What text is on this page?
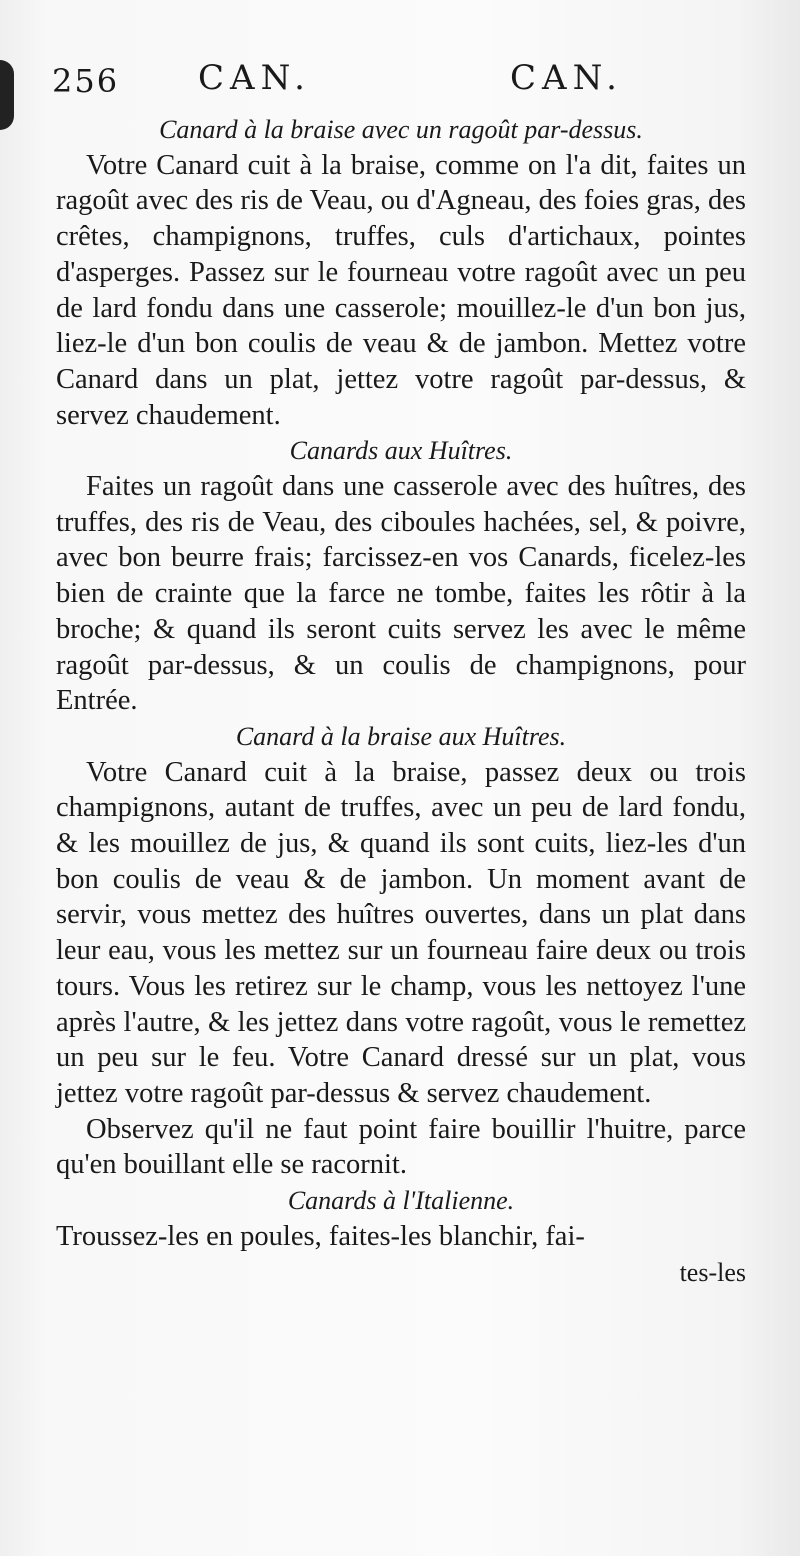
256 CAN.	CAN.
Canard à la braise avec un ragoût par-dessus.
Votre Canard cuit à la braise, comme on l'a dit, faites un ragoût avec des ris de Veau, ou d'Agneau, des foies gras, des crêtes, champignons, truffes, culs d'artichaux, pointes d'asperges. Passez sur le fourneau votre ragoût avec un peu de lard fondu dans une casserole; mouillez-le d'un bon jus, liez-le d'un bon coulis de veau & de jambon. Mettez votre Canard dans un plat, jettez votre ragoût par-dessus, & servez chaudement.
Canards aux Huîtres.
Faites un ragoût dans une casserole avec des huîtres, des truffes, des ris de Veau, des ciboules hachées, sel, & poivre, avec bon beurre frais; farcissez-en vos Canards, ficelez-les bien de crainte que la farce ne tombe, faites les rôtir à la broche; & quand ils seront cuits servez les avec le même ragoût par-dessus, & un coulis de champignons, pour Entrée.
Canard à la braise aux Huîtres.
Votre Canard cuit à la braise, passez deux ou trois champignons, autant de truffes, avec un peu de lard fondu, & les mouillez de jus, & quand ils sont cuits, liez-les d'un bon coulis de veau & de jambon. Un moment avant de servir, vous mettez des huîtres ouvertes, dans un plat dans leur eau, vous les mettez sur un fourneau faire deux ou trois tours. Vous les retirez sur le champ, vous les nettoyez l'une après l'autre, & les jettez dans votre ragoût, vous le remettez un peu sur le feu. Votre Canard dressé sur un plat, vous jettez votre ragoût par-dessus & servez chaudement.
Observez qu'il ne faut point faire bouillir l'huitre, parce qu'en bouillant elle se racornit.
Canards à l'Italienne.
Troussez-les en poules, faites-les blanchir, fai-
tes-les
